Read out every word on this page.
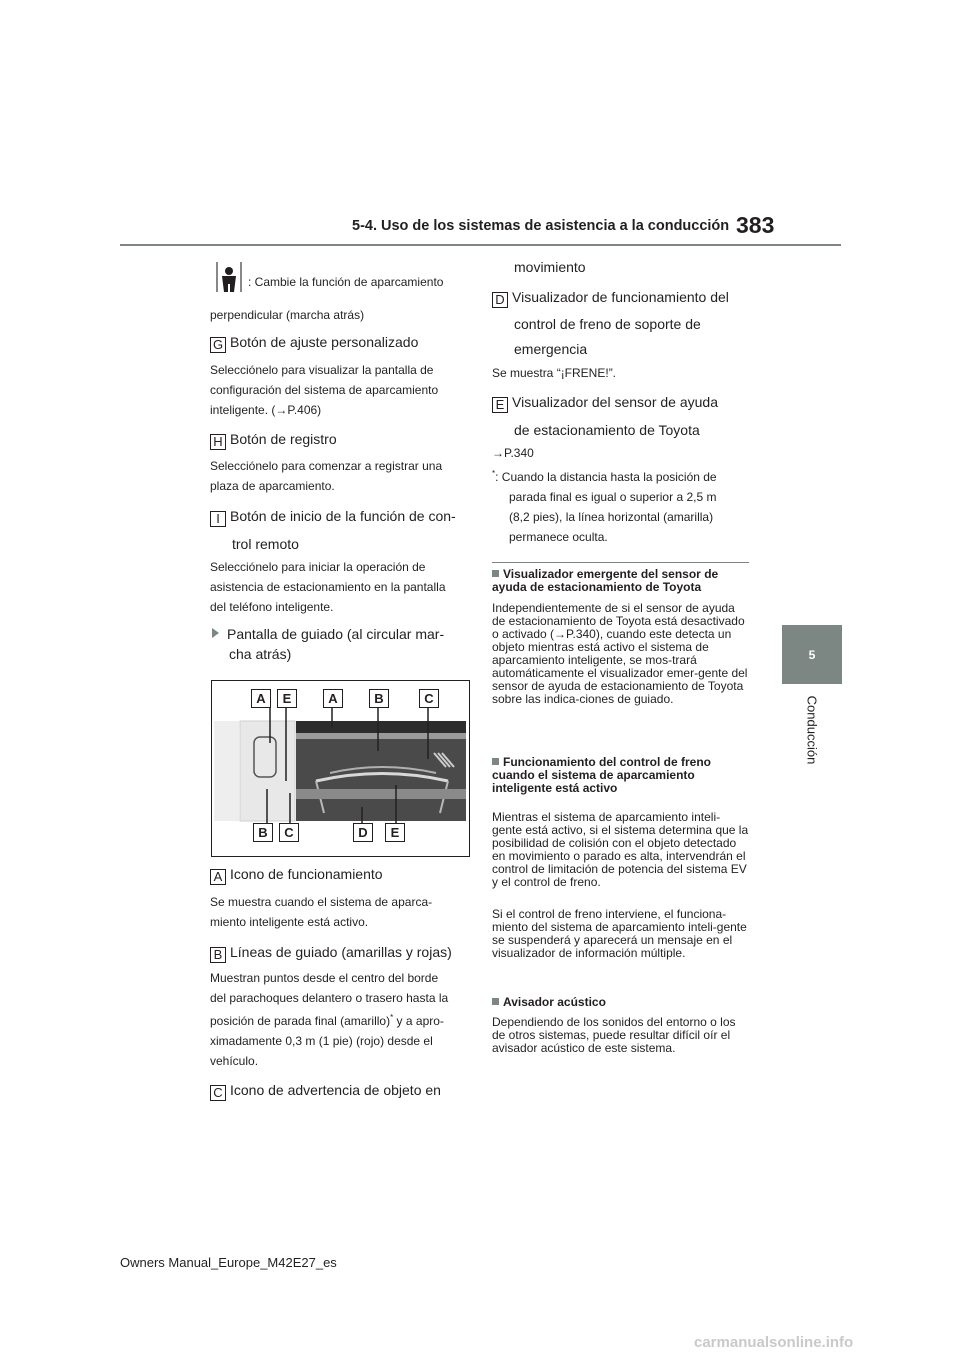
5-4. Uso de los sistemas de asistencia a la conducción 383
5
Conducción
: Cambie la función de aparcamiento
perpendicular (marcha atrás)
G Botón de ajuste personalizado
Selecciónelo para visualizar la pantalla de
configuración del sistema de aparcamiento
inteligente. (→P.406)
H Botón de registro
Selecciónelo para comenzar a registrar una
plaza de aparcamiento.
I Botón de inicio de la función de con-
trol remoto
Selecciónelo para iniciar la operación de
asistencia de estacionamiento en la pantalla
del teléfono inteligente.
Pantalla de guiado (al circular mar-
cha atrás)
A	E	A	B	C
B	C	D	E
A Icono de funcionamiento
Se muestra cuando el sistema de aparca-
miento inteligente está activo.
B Líneas de guiado (amarillas y rojas)
Muestran puntos desde el centro del borde
del parachoques delantero o trasero hasta la
posición de parada final (amarillo)* y a apro-
ximadamente 0,3 m (1 pie) (rojo) desde el
vehículo.
C Icono de advertencia de objeto en
movimiento
D Visualizador de funcionamiento del
control de freno de soporte de
emergencia
Se muestra “¡FRENE!”.
E Visualizador del sensor de ayuda
de estacionamiento de Toyota
→P.340
*: Cuando la distancia hasta la posición de
parada final es igual o superior a 2,5 m
(8,2 pies), la línea horizontal (amarilla)
permanece oculta.
Visualizador emergente del sensor de ayuda de estacionamiento de Toyota
Independientemente de si el sensor de ayuda de estacionamiento de Toyota está desactivado o activado (→P.340), cuando este detecta un objeto mientras está activo el sistema de aparcamiento inteligente, se mos-trará automáticamente el visualizador emer-gente del sensor de ayuda de estacionamiento de Toyota sobre las indica-ciones de guiado.
Funcionamiento del control de freno cuando el sistema de aparcamiento inteligente está activo
Mientras el sistema de aparcamiento inteli-gente está activo, si el sistema determina que la posibilidad de colisión con el objeto detectado en movimiento o parado es alta, intervendrán el control de limitación de potencia del sistema EV y el control de freno.
Si el control de freno interviene, el funciona-miento del sistema de aparcamiento inteli-gente se suspenderá y aparecerá un mensaje en el visualizador de información múltiple.
Avisador acústico
Dependiendo de los sonidos del entorno o los de otros sistemas, puede resultar difícil oír el avisador acústico de este sistema.
Owners Manual_Europe_M42E27_es
carmanualsonline.info
